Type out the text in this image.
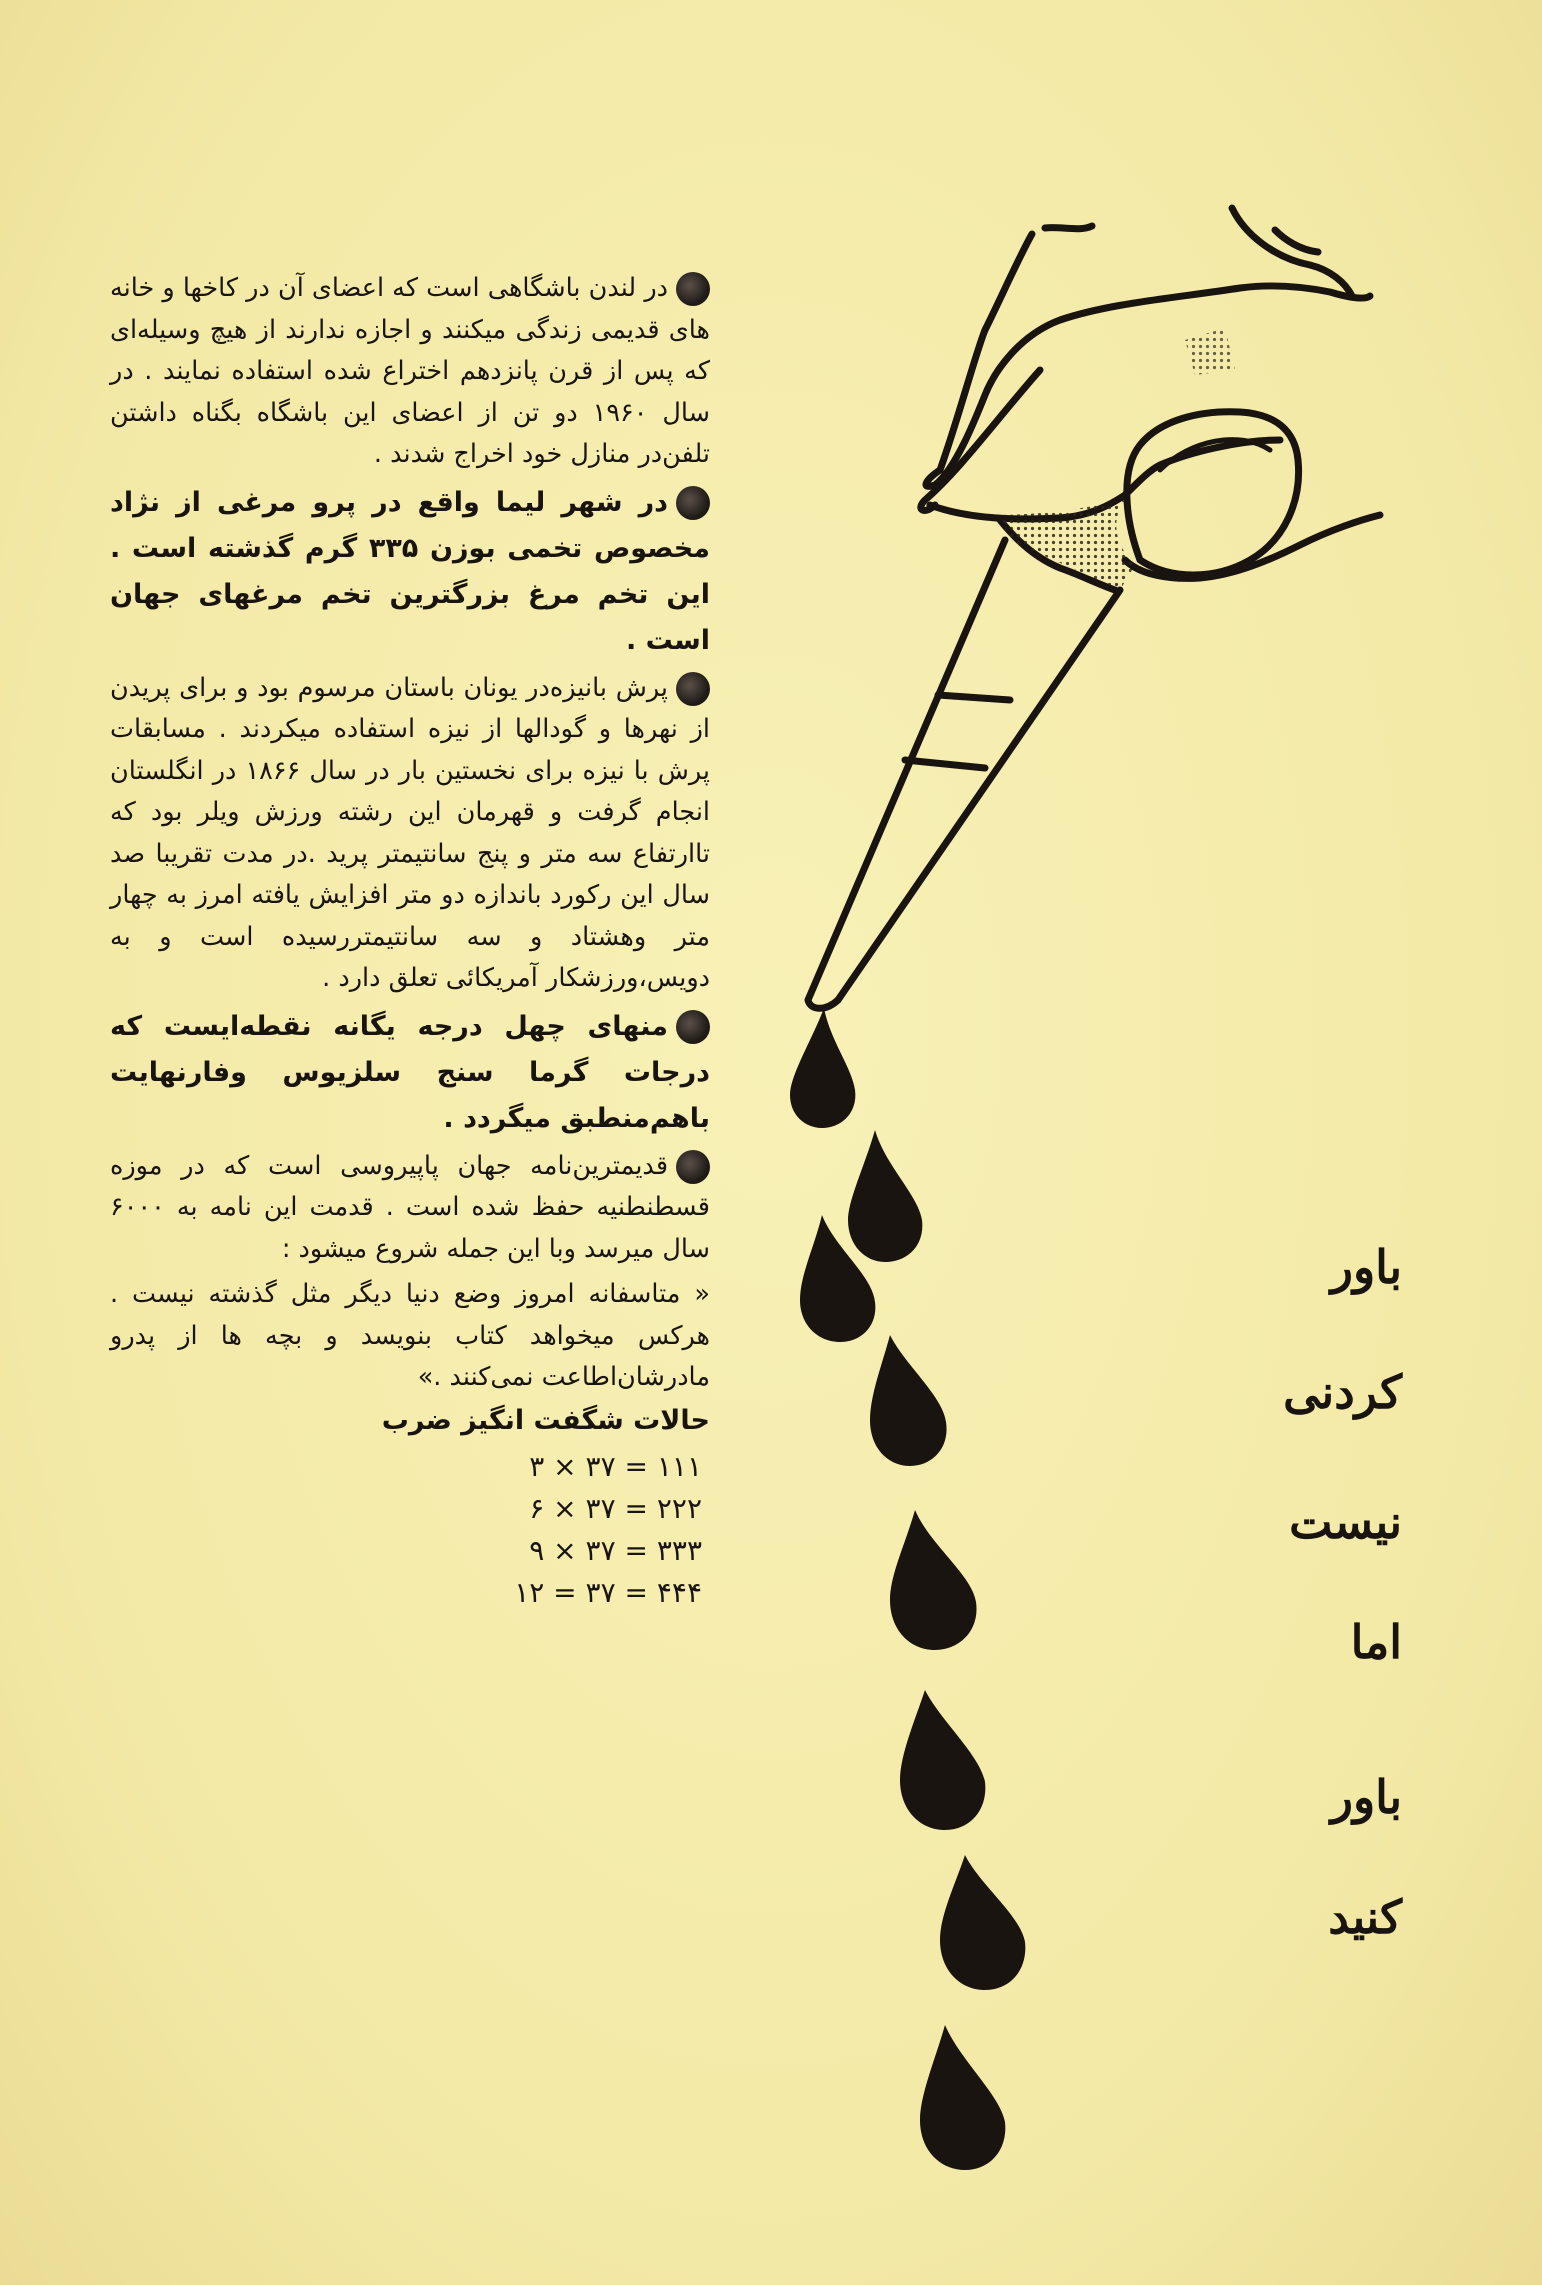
در لندن باشگاهی است که اعضای آن در کاخها و خانه های قدیمی زندگی میکنند و اجازه ندارند از هیچ وسیله‌ای که پس از قرن پانزدهم اختراع شده استفاده نمایند . در سال ۱۹۶۰ دو تن از اعضای این باشگاه بگناه داشتن تلفن‌در منازل خود اخراج شدند .

در شهر لیما واقع در پرو مرغی از نژاد مخصوص تخمی بوزن ۳۳۵ گرم گذشته است . این تخم مرغ بزرگترین تخم مرغهای جهان است .

پرش بانیزه‌در یونان باستان مرسوم بود و برای پریدن از نهرها و گودالها از نیزه استفاده میکردند . مسابقات پرش با نیزه برای نخستین بار در سال ۱۸۶۶ در انگلستان انجام گرفت و قهرمان این رشته ورزش ویلر بود که تاارتفاع سه متر و پنج سانتیمتر پرید .در مدت تقریبا صد سال این رکورد باندازه دو متر افزایش یافته امرز به چهار متر وهشتاد و سه سانتیمتررسیده است و به دویس،ورزشکار آمریکائی تعلق دارد .

منهای چهل درجه یگانه نقطه‌ایست که درجات گرما سنج سلزیوس وفارنهایت باهم‌منطبق میگردد .

قدیمترین‌نامه جهان پاپیروسی است که در موزه قسطنطنیه حفظ شده است . قدمت این نامه به ۶۰۰۰ سال میرسد وبا این جمله شروع میشود :

« متاسفانه امروز وضع دنیا دیگر مثل گذشته نیست . هرکس میخواهد کتاب بنویسد و بچه ها از پدرو مادرشان‌اطاعت نمی‌کنند .»

حالات شگفت انگیز ضرب
۱۱۱ = ۳۷ × ۳
۲۲۲ = ۳۷ × ۶
۳۳۳ = ۳۷ × ۹
۴۴۴ = ۳۷ = ۱۲
باور
کردنی
نیست
اما
باور
کنید
